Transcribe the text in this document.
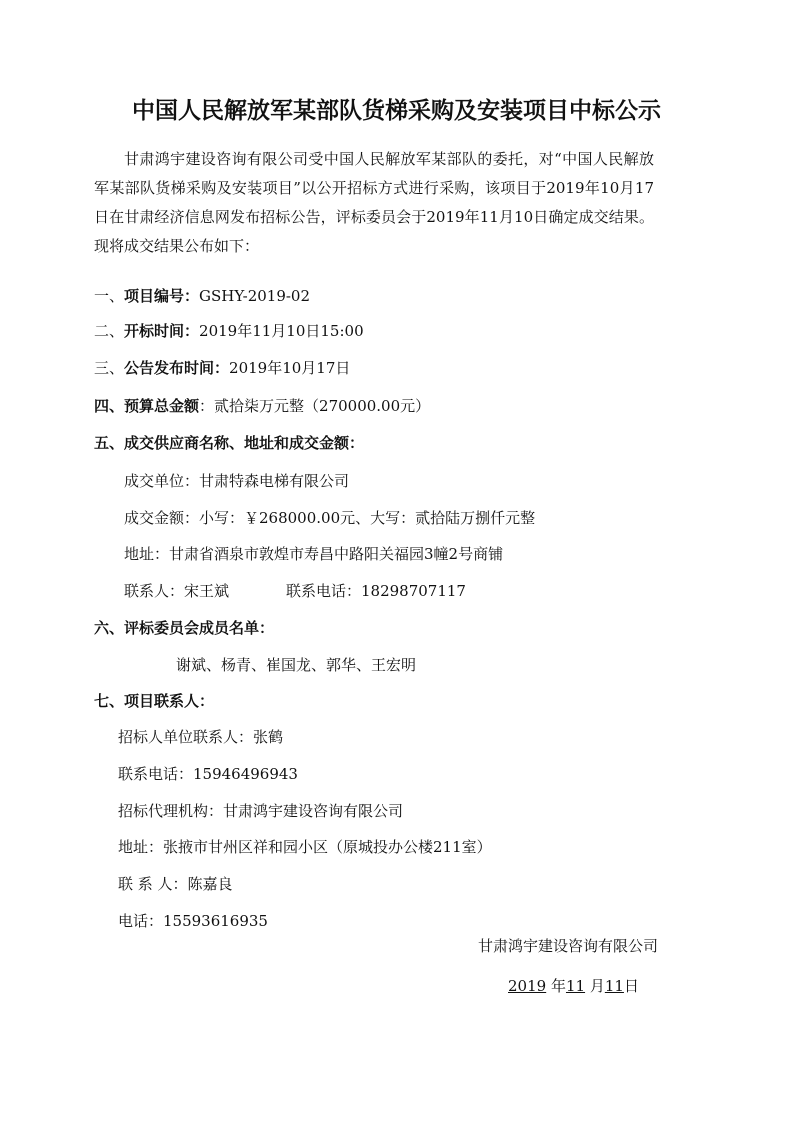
中国人民解放军某部队货梯采购及安装项目中标公示
甘肃鸿宇建设咨询有限公司受中国人民解放军某部队的委托，对“中国人民解放军某部队货梯采购及安装项目”以公开招标方式进行采购，该项目于2019年10月17日在甘肃经济信息网发布招标公告，评标委员会于2019年11月10日确定成交结果。现将成交结果公布如下：
一、项目编号：GSHY-2019-02
二、开标时间：2019年11月10日15:00
三、公告发布时间：2019年10月17日
四、预算总金额：贰拾柒万元整（270000.00元）
五、成交供应商名称、地址和成交金额：
成交单位：甘肃特森电梯有限公司
成交金额：小写：￥268000.00元、大写：贰拾陆万捌仟元整
地址：甘肃省酒泉市敦煌市寿昌中路阳关福园3幢2号商铺
联系人：宋王斌	联系电话：18298707117
六、评标委员会成员名单：
谢斌、杨青、崔国龙、郭华、王宏明
七、项目联系人：
招标人单位联系人：张鹤
联系电话：15946496943
招标代理机构：甘肃鸿宇建设咨询有限公司
地址：张掖市甘州区祥和园小区（原城投办公楼211室）
联 系 人：陈嘉良
电话：15593616935
甘肃鸿宇建设咨询有限公司
2019 年11 月11日
